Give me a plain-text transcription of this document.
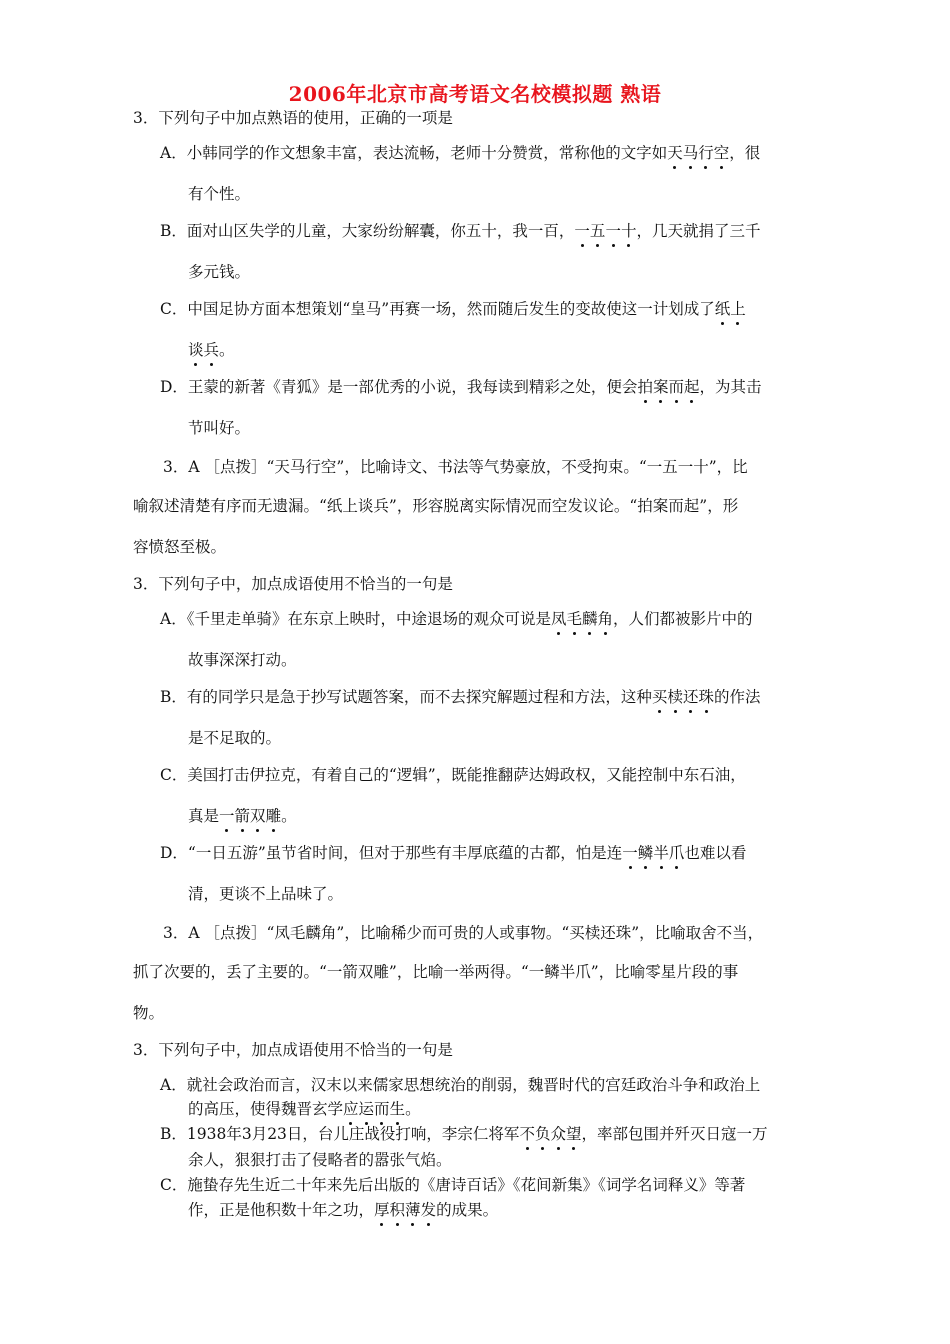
2006年北京市高考语文名校模拟题 熟语
3．下列句子中加点熟语的使用，正确的一项是
A．小韩同学的作文想象丰富，表达流畅，老师十分赞赏，常称他的文字如天马行空，很
有个性。
B．面对山区失学的儿童，大家纷纷解囊，你五十，我一百，一五一十，几天就捐了三千
多元钱。
C．中国足协方面本想策划“皇马”再赛一场，然而随后发生的变故使这一计划成了纸上
谈兵。
D．王蒙的新著《青狐》是一部优秀的小说，我每读到精彩之处，便会拍案而起，为其击
节叫好。
3．A ［点拨］“天马行空”，比喻诗文、书法等气势豪放，不受拘束。“一五一十”，比
喻叙述清楚有序而无遗漏。“纸上谈兵”，形容脱离实际情况而空发议论。“拍案而起”，形
容愤怒至极。
3．下列句子中，加点成语使用不恰当的一句是
A．《千里走单骑》在东京上映时，中途退场的观众可说是凤毛麟角，人们都被影片中的
故事深深打动。
B．有的同学只是急于抄写试题答案，而不去探究解题过程和方法，这种买椟还珠的作法
是不足取的。
C．美国打击伊拉克，有着自己的“逻辑”，既能推翻萨达姆政权，又能控制中东石油，
真是一箭双雕。
D．“一日五游”虽节省时间，但对于那些有丰厚底蕴的古都，怕是连一鳞半爪也难以看
清，更谈不上品味了。
3．A ［点拨］“凤毛麟角”，比喻稀少而可贵的人或事物。“买椟还珠”，比喻取舍不当，
抓了次要的，丢了主要的。“一箭双雕”，比喻一举两得。“一鳞半爪”，比喻零星片段的事
物。
3．下列句子中，加点成语使用不恰当的一句是
A．就社会政治而言，汉末以来儒家思想统治的削弱，魏晋时代的宫廷政治斗争和政治上
的高压，使得魏晋玄学应运而生。
B．1938年3月23日，台儿庄战役打响，李宗仁将军不负众望，率部包围并歼灭日寇一万
余人，狠狠打击了侵略者的嚣张气焰。
C．施蛰存先生近二十年来先后出版的《唐诗百话》《花间新集》《词学名词释义》等著
作，正是他积数十年之功，厚积薄发的成果。
